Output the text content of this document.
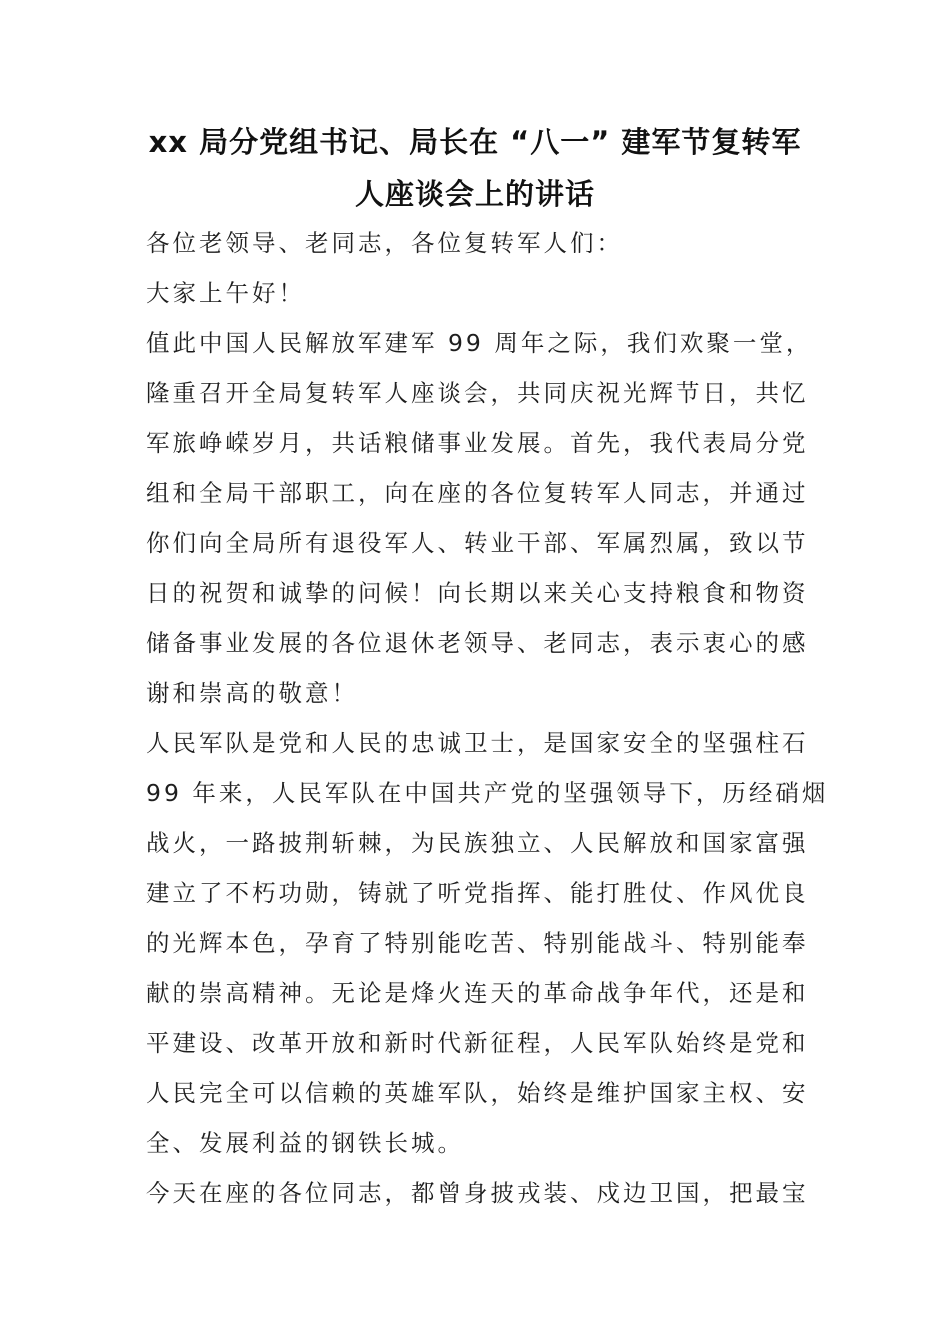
xx 局分党组书记、局长在 “八一” 建军节复转军
人座谈会上的讲话
各位老领导、老同志，各位复转军人们：
大家上午好！
值此中国人民解放军建军 99 周年之际，我们欢聚一堂，
隆重召开全局复转军人座谈会，共同庆祝光辉节日，共忆
军旅峥嵘岁月，共话粮储事业发展。首先，我代表局分党
组和全局干部职工，向在座的各位复转军人同志，并通过
你们向全局所有退役军人、转业干部、军属烈属，致以节
日的祝贺和诚挚的问候！向长期以来关心支持粮食和物资
储备事业发展的各位退休老领导、老同志，表示衷心的感
谢和崇高的敬意！
人民军队是党和人民的忠诚卫士，是国家安全的坚强柱石
99 年来，人民军队在中国共产党的坚强领导下，历经硝烟
战火，一路披荆斩棘，为民族独立、人民解放和国家富强
建立了不朽功勋，铸就了听党指挥、能打胜仗、作风优良
的光辉本色，孕育了特别能吃苦、特别能战斗、特别能奉
献的崇高精神。无论是烽火连天的革命战争年代，还是和
平建设、改革开放和新时代新征程，人民军队始终是党和
人民完全可以信赖的英雄军队，始终是维护国家主权、安
全、发展利益的钢铁长城。
今天在座的各位同志，都曾身披戎装、戍边卫国，把最宝
